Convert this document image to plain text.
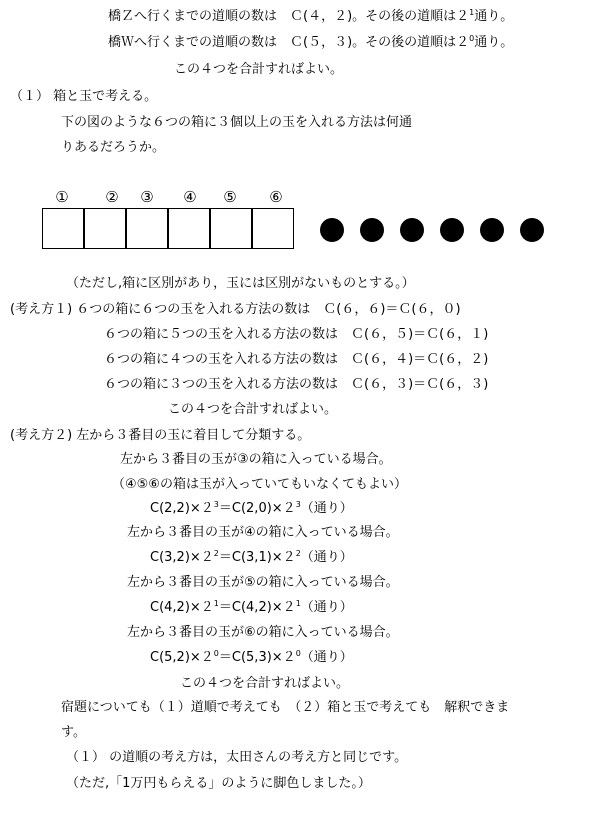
橋Ｚへ行くまでの道順の数は　Ｃ(４，２)。その後の道順は$2^1$通り。
橋Ｗへ行くまでの道順の数は　Ｃ(５，３)。その後の道順は$2^0$通り。
この４つを合計すればよい。
（１） 箱と玉で考える。
下の図のような６つの箱に３個以上の玉を入れる方法は何通
りあるだろうか。
① ② ③ ④ ⑤ ⑥
（ただし,箱に区別があり，玉には区別がないものとする。）
(考え方１) ６つの箱に６つの玉を入れる方法の数は　Ｃ(６，６)＝Ｃ(６，０)
６つの箱に５つの玉を入れる方法の数は　Ｃ(６，５)＝Ｃ(６，１)
６つの箱に４つの玉を入れる方法の数は　Ｃ(６，４)＝Ｃ(６，２)
６つの箱に３つの玉を入れる方法の数は　Ｃ(６，３)＝Ｃ(６，３)
この４つを合計すればよい。
(考え方２) 左から３番目の玉に着目して分類する。
左から３番目の玉が③の箱に入っている場合。
（④⑤⑥の箱は玉が入っていてもいなくてもよい）
$C(2,2)\times 2^3=C(2,0)\times 2^3$（通り）
左から３番目の玉が④の箱に入っている場合。
$C(3,2)\times 2^2=C(3,1)\times 2^2$（通り）
左から３番目の玉が⑤の箱に入っている場合。
$C(4,2)\times 2^1=C(4,2)\times 2^1$（通り）
左から３番目の玉が⑥の箱に入っている場合。
$C(5,2)\times 2^0=C(5,3)\times 2^0$（通り）
この４つを合計すればよい。
宿題についても（１）道順で考えても　（２）箱と玉で考えても　解釈できま
す。
（１） の道順の考え方は，太田さんの考え方と同じです。
（ただ,「1万円もらえる」のように脚色しました。）
